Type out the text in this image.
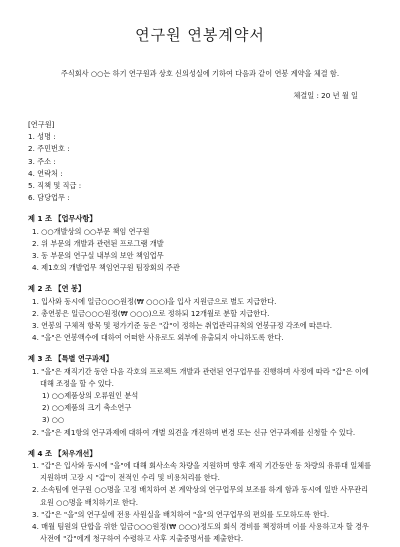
연구원 연봉계약서
주식회사 ○○는 하기 연구원과 상호 신의성실에 기하여 다음과 같이 연봉 계약을 체결 함.
체결일 : 20 년 월 일
[연구원]
1. 성명 :
2. 주민번호 :
3. 주소 :
4. 연락처 :
5. 직책 및 직급 :
6. 담당업무 :
제 1 조 【업무사항】
1. ○○개발상의 ○○부문 책임 연구원
2. 위 부문의 개발과 관련된 프로그램 개발
3. 동 부문의 연구실 내부의 보안 책임업무
4. 제1호의 개발업무 책임연구원 팀장회의 주관
제 2 조 【연 봉】
1. 입사와 동시에 일금○○○원정(₩ ○○○)을 입사 지원금으로 별도 지급한다.
2. 총연봉은 일금○○○원정(₩ ○○○)으로 정하되 12개월로 분할 지급한다.
3. 연봉의 구체적 항목 및 평가기준 등은 "갑"이 정하는 취업관리규칙의 연봉규정 각조에 따른다.
4. "을"은 연봉액수에 대하여 어떠한 사유로도 외부에 유출되지 아니하도록 한다.
제 3 조 【특별 연구과제】
1. "을"은 재직기간 동안 다음 각호의 프로젝트 개발과 관련된 연구업무를 진행하며 사정에 따라 "갑"은 이에 대해 조정을 할 수 있다.
1) ○○제품상의 오류원인 분석
2) ○○제품의 크기 축소연구
3) ○○
2. "을"은 제1항의 연구과제에 대하여 개별 의견을 개진하며 변경 또는 신규 연구과제를 신청할 수 있다.
제 4 조 【처우개선】
1. "갑"은 입사와 동시에 "을"에 대해 회사소속 차량을 지원하며 향후 재직 기간동안 동 차량의 유류대 일체를 지원하며 고장 시 "갑"이 전적인 수리 및 비용처리를 한다.
2. 소속팀에 연구원 ○○명을 고정 배치하여 본 계약상의 연구업무의 보조를 하게 함과 동시에 일반 사무관리 요원 ○○명을 배치하기로 한다.
3. "갑"은 "을"의 연구실에 전용 사원실을 배치하여 "을"의 연구업무의 편의를 도모하도록 한다.
4. 매월 팀원의 단합을 위한 일금○○○원정(₩ ○○○)정도의 회식 경비를 책정하며 이를 사용하고자 할 경우 사전에 "갑"에게 청구하여 수령하고 사후 지출증명서를 제출한다.
